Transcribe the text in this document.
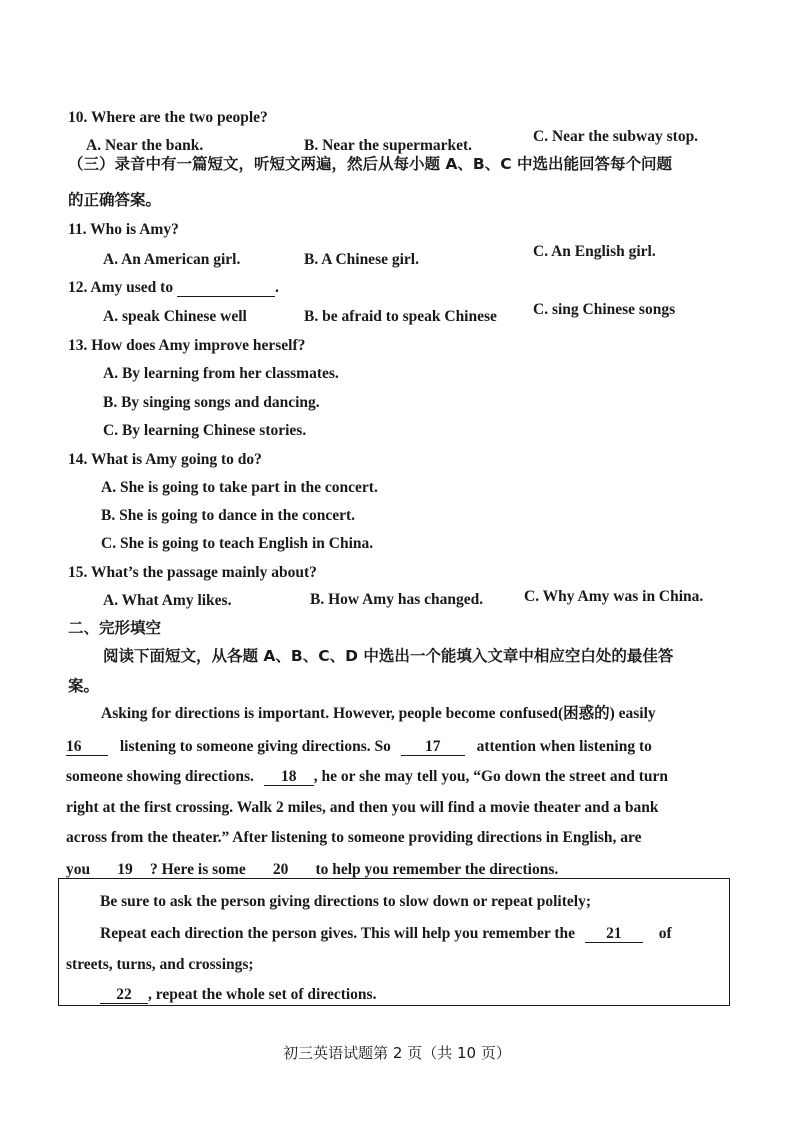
10. Where are the two people?
A. Near the bank.	B. Near the supermarket.
C. Near the subway stop.
（三）录音中有一篇短文，听短文两遍，然后从每小题 A、B、C 中选出能回答每个问题
的正确答案。
11. Who is Amy?
A. An American girl.	B. A Chinese girl.	C. An English girl.
12. Amy used to	.
A. speak Chinese well	B. be afraid to speak Chinese C. sing Chinese songs
13. How does Amy improve herself?
A. By learning from her classmates.
B. By singing songs and dancing.
C. By learning Chinese stories.
14. What is Amy going to do?
A. She is going to take part in the concert.
B. She is going to dance in the concert.
C. She is going to teach English in China.
15. What’s the passage mainly about?
A. What Amy likes.	B. How Amy has changed.	C. Why Amy was in China.
二、完形填空
阅读下面短文，从各题 A、B、C、D 中选出一个能填入文章中相应空白处的最佳答
案。
Asking for directions is important. However, people become confused(困惑的) easily
16 listening to someone giving directions. So 17 attention when listening to
someone showing directions. 18 , he or she may tell you, “Go down the street and turn
right at the first crossing. Walk 2 miles, and then you will find a movie theater and a bank
across from the theater.” After listening to someone providing directions in English, are
you 19 ? Here is some 20 to help you remember the directions.
Be sure to ask the person giving directions to slow down or repeat politely;
Repeat each direction the person gives. This will help you remember the 21 of
streets, turns, and crossings;
22 , repeat the whole set of directions.
初三英语试题第 2 页（共 10 页）
